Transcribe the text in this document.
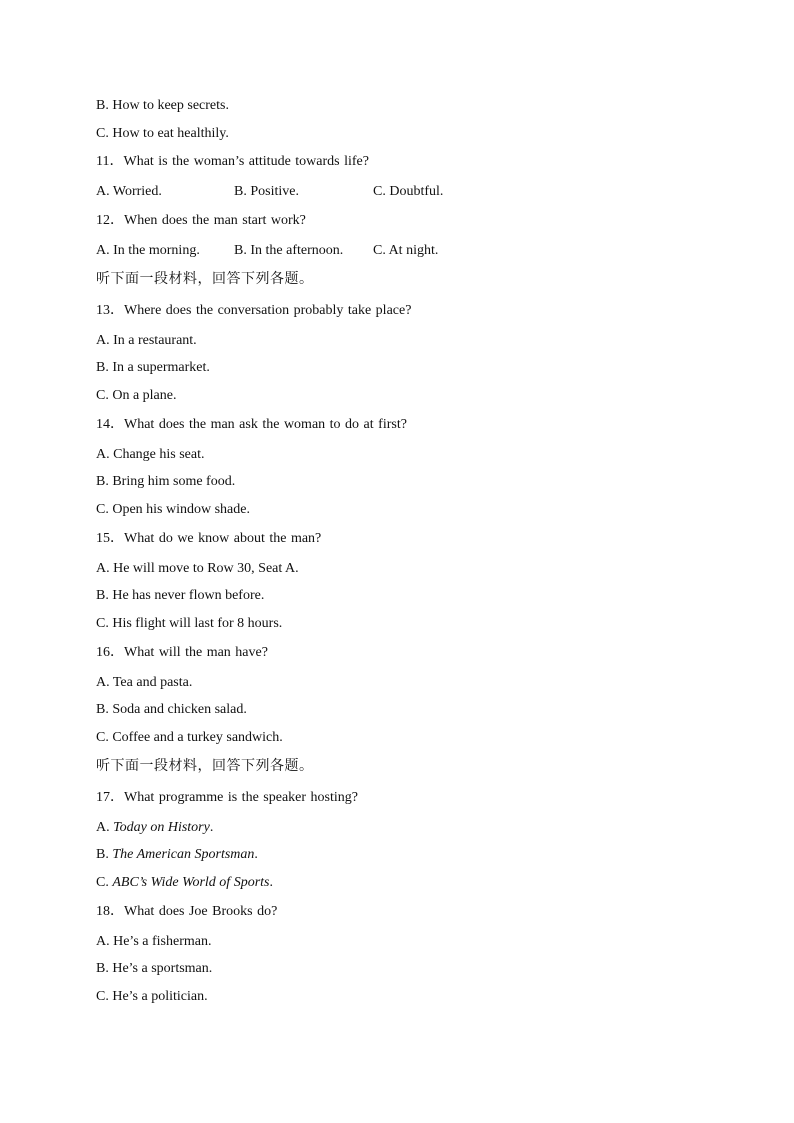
B. How to keep secrets.
C. How to eat healthily.
11．What is the woman’s attitude towards life?
A. Worried.	B. Positive.	C. Doubtful.
12．When does the man start work?
A. In the morning. B. In the afternoon. C. At night.
听下面一段材料，回答下列各题。
13．Where does the conversation probably take place?
A. In a restaurant.
B. In a supermarket.
C. On a plane.
14．What does the man ask the woman to do at first?
A. Change his seat.
B. Bring him some food.
C. Open his window shade.
15．What do we know about the man?
A. He will move to Row 30, Seat A.
B. He has never flown before.
C. His flight will last for 8 hours.
16．What will the man have?
A. Tea and pasta.
B. Soda and chicken salad.
C. Coffee and a turkey sandwich.
听下面一段材料，回答下列各题。
17．What programme is the speaker hosting?
A. Today on History.
B. The American Sportsman.
C. ABC’s Wide World of Sports.
18．What does Joe Brooks do?
A. He’s a fisherman.
B. He’s a sportsman.
C. He’s a politician.
